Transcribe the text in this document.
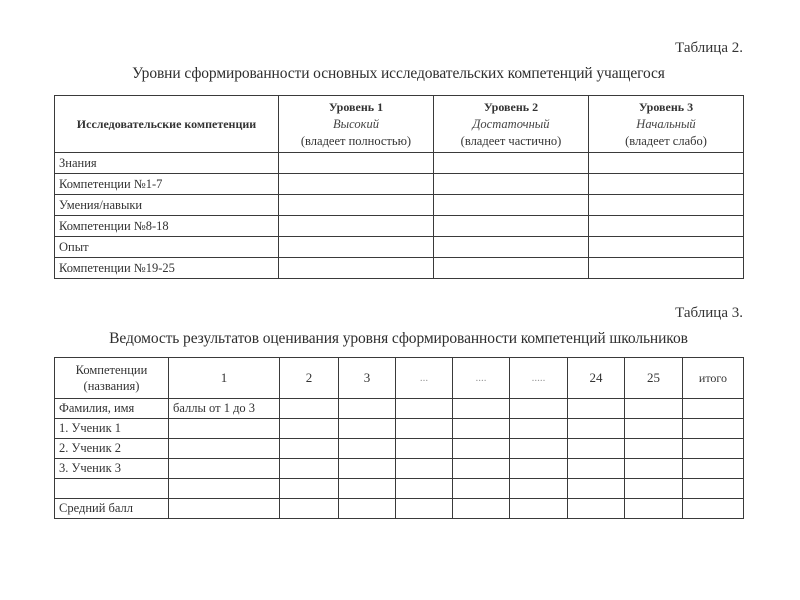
Таблица 2.
Уровни сформированности основных исследовательских компетенций учащегося
Исследовательские компетенции	Уровень 1
Высокий
(владеет полностью)	Уровень 2
Достаточный
(владеет частично)	Уровень 3
Начальный
(владеет слабо)

Знания			
Компетенции №1-7			
Умения/навыки			
Компетенции №8-18			
Опыт			
Компетенции №19-25			
Таблица 3.
Ведомость результатов оценивания уровня сформированности компетенций школьников
Компетенции
(названия)	1	2	3	...	....	.....	24	25	итого
Фамилия, имя	баллы от 1 до 3								
1. Ученик 1									
2. Ученик 2									
3. Ученик 3									

Средний балл									
